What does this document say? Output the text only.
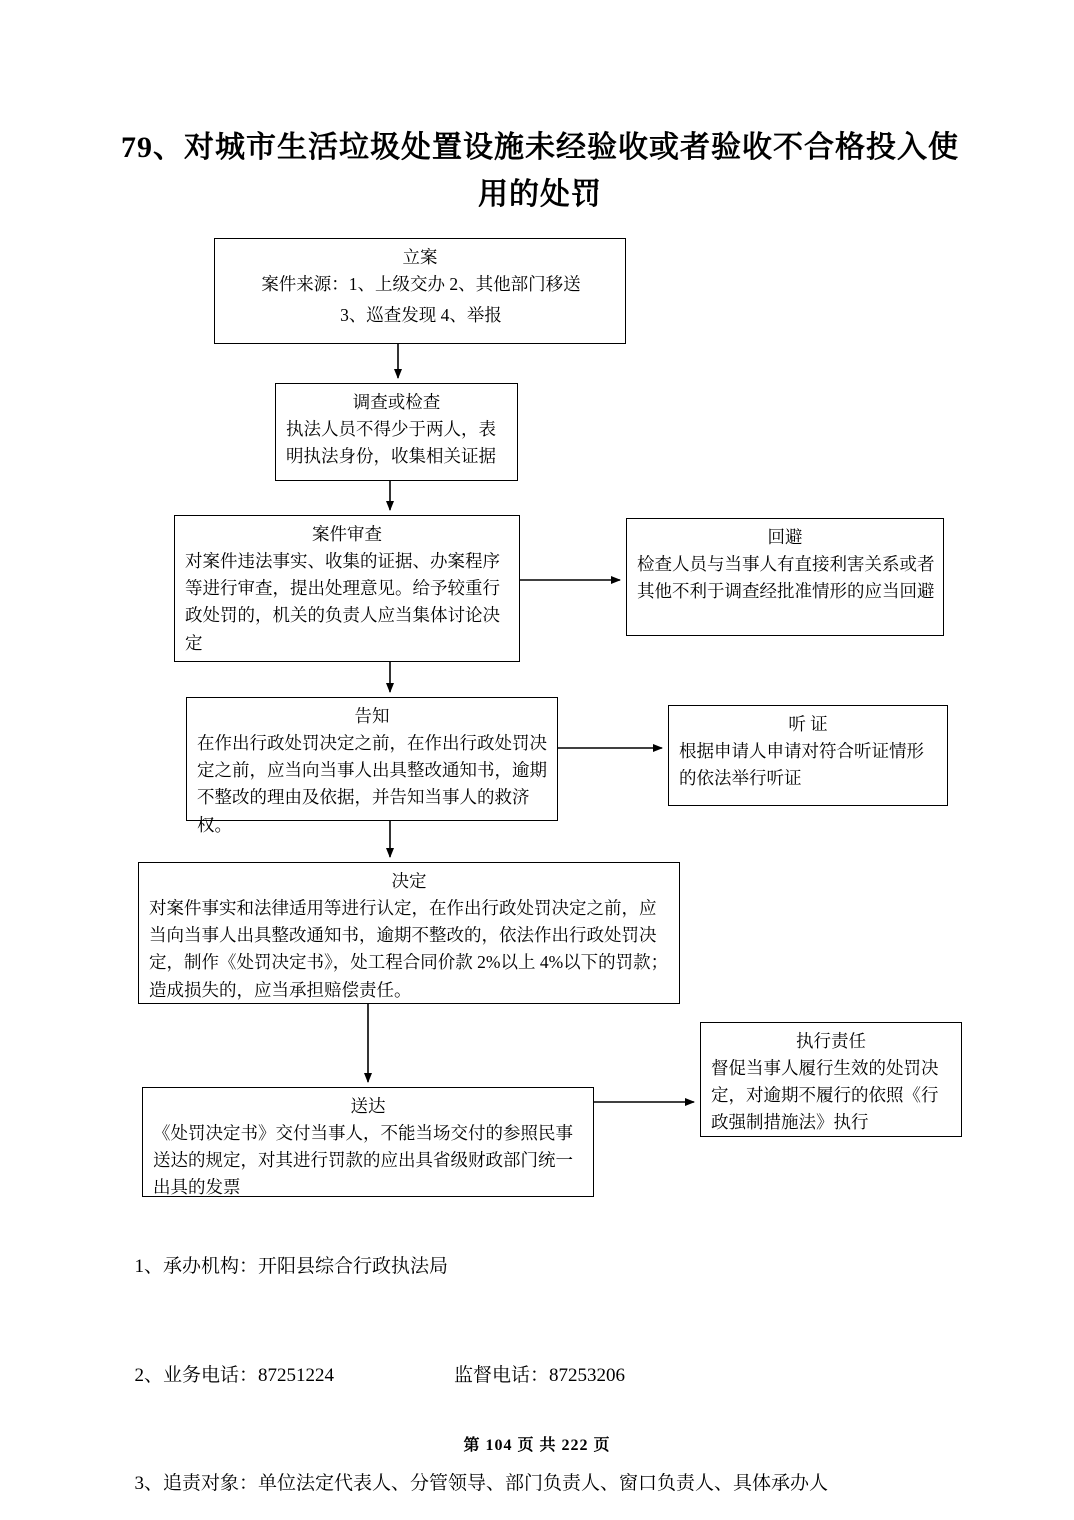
79、对城市生活垃圾处置设施未经验收或者验收不合格投入使用的处罚
立案
案件来源：1、上级交办 2、其他部门移送
3、巡查发现 4、举报
调查或检查
执法人员不得少于两人，表明执法身份，收集相关证据
案件审查
对案件违法事实、收集的证据、办案程序等进行审查，提出处理意见。给予较重行政处罚的，机关的负责人应当集体讨论决定
回避
检查人员与当事人有直接利害关系或者其他不利于调查经批准情形的应当回避
告知
在作出行政处罚决定之前，在作出行政处罚决定之前，应当向当事人出具整改通知书，逾期不整改的理由及依据，并告知当事人的救济权。
听 证
根据申请人申请对符合听证情形的依法举行听证
决定
对案件事实和法律适用等进行认定，在作出行政处罚决定之前，应当向当事人出具整改通知书，逾期不整改的，依法作出行政处罚决定，制作《处罚决定书》，处工程合同价款 2%以上 4%以下的罚款；造成损失的，应当承担赔偿责任。
送达
《处罚决定书》交付当事人，不能当场交付的参照民事送达的规定，对其进行罚款的应出具省级财政部门统一出具的发票
执行责任
督促当事人履行生效的处罚决定，对逾期不履行的依照《行政强制措施法》执行

1、承办机构：开阳县综合行政执法局

2、业务电话：87251224	监督电话：87253206

3、追责对象：单位法定代表人、分管领导、部门负责人、窗口负责人、具体承办人

第 104 页 共 222 页
